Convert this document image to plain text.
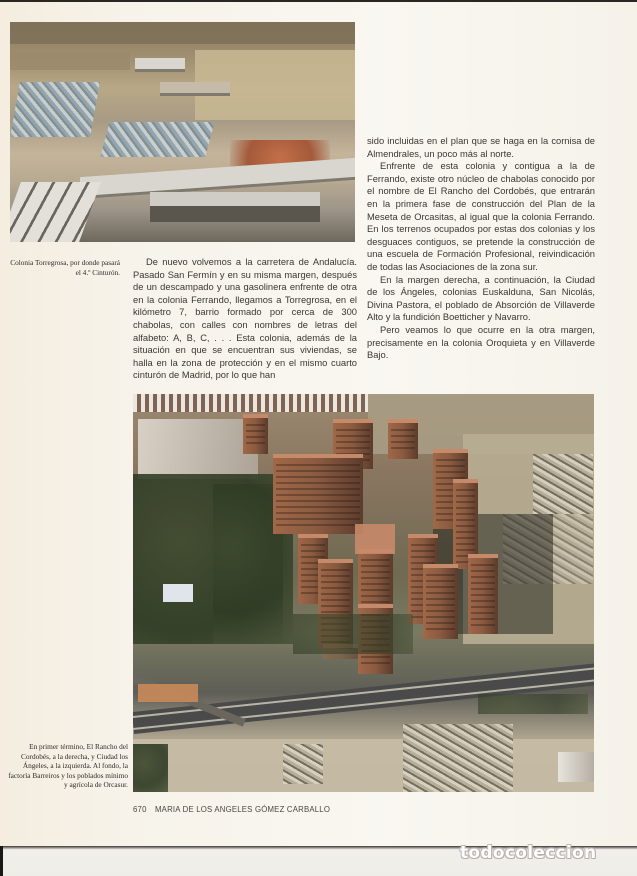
Colonia Torregrosa, por donde pasará el 4.º Cinturón.

De nuevo volvemos a la carretera de Andalucía. Pasado San Fermín y en su misma margen, después de un descampado y una gasolinera enfrente de otra en la colonia Ferrando, llegamos a Torregrosa, en el kilómetro 7, barrio formado por cerca de 300 chabolas, con calles con nombres de letras del alfabeto: A, B, C, . . . Esta colonia, además de la situación en que se encuentran sus viviendas, se halla en la zona de protección y en el mismo cuarto cinturón de Madrid, por lo que han

sido incluidas en el plan que se haga en la cornisa de Almendrales, un poco más al norte.

Enfrente de esta colonia y contigua a la de Ferrando, existe otro núcleo de chabolas conocido por el nombre de El Rancho del Cordobés, que entrarán en la primera fase de construcción del Plan de la Meseta de Orcasitas, al igual que la colonia Ferrando. En los terrenos ocupados por estas dos colonias y los desguaces contiguos, se pretende la construcción de una escuela de Formación Profesional, reivindicación de todas las Asociaciones de la zona sur.

En la margen derecha, a continuación, la Ciudad de los Ángeles, colonias Euskalduna, San Nicolás, Divina Pastora, el poblado de Absorción de Villaverde Alto y la fundición Boetticher y Navarro.

Pero veamos lo que ocurre en la otra margen, precisamente en la colonia Oroquieta y en Villaverde Bajo.

En primer término, El Rancho del Cordobés, a la derecha, y Ciudad los Ángeles, a la izquierda. Al fondo, la factoría Barreiros y los poblados mínimo y agrícola de Orcasur.
670 MARIA DE LOS ANGELES GÓMEZ CARBALLO
todocoleccion
